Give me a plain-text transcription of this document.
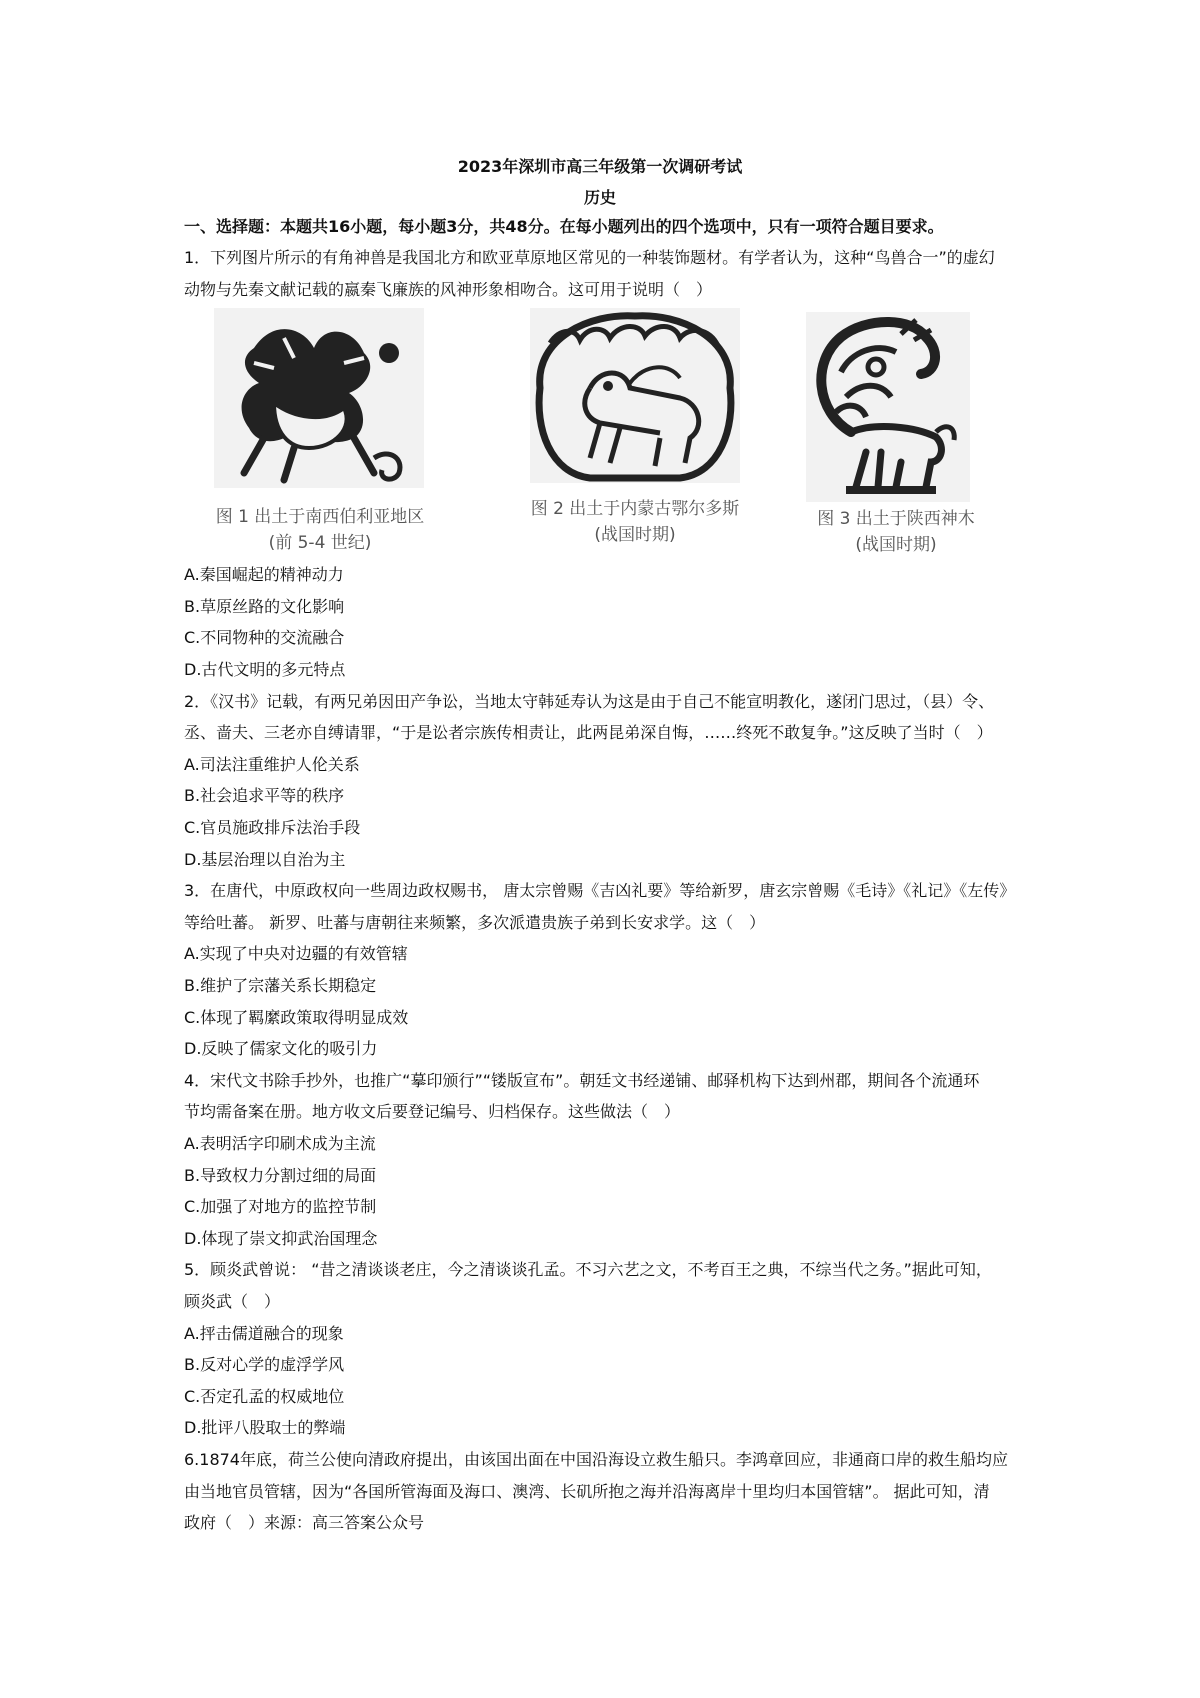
2023年深圳市高三年级第一次调研考试
历史
一、选择题：本题共16小题，每小题3分，共48分。在每小题列出的四个选项中，只有一项符合题目要求。
1．下列图片所示的有角神兽是我国北方和欧亚草原地区常见的一种装饰题材。有学者认为，这种“鸟兽合一”的虚幻
动物与先秦文献记载的嬴秦飞廉族的风神形象相吻合。这可用于说明（　）
图 1 出土于南西伯利亚地区
(前 5-4 世纪)
图 2 出土于内蒙古鄂尔多斯
(战国时期)
图 3 出土于陕西神木
(战国时期)
A.秦国崛起的精神动力
B.草原丝路的文化影响
C.不同物种的交流融合
D.古代文明的多元特点
2．《汉书》记载，有两兄弟因田产争讼，当地太守韩延寿认为这是由于自己不能宣明教化，遂闭门思过，（县）令、
丞、啬夫、三老亦自缚请罪，“于是讼者宗族传相责让，此两昆弟深自悔，……终死不敢复争。”这反映了当时（　）
A.司法注重维护人伦关系
B.社会追求平等的秩序
C.官员施政排斥法治手段
D.基层治理以自治为主
3．在唐代，中原政权向一些周边政权赐书， 唐太宗曾赐《吉凶礼要》等给新罗，唐玄宗曾赐《毛诗》《礼记》《左传》
等给吐蕃。 新罗、吐蕃与唐朝往来频繁，多次派遣贵族子弟到长安求学。这（　）
A.实现了中央对边疆的有效管辖
B.维护了宗藩关系长期稳定
C.体现了羁縻政策取得明显成效
D.反映了儒家文化的吸引力
4．宋代文书除手抄外，也推广“摹印颁行”“镂版宣布”。朝廷文书经递铺、邮驿机构下达到州郡，期间各个流通环
节均需备案在册。地方收文后要登记编号、归档保存。这些做法（　）
A.表明活字印刷术成为主流
B.导致权力分割过细的局面
C.加强了对地方的监控节制
D.体现了崇文抑武治国理念
5．顾炎武曾说： “昔之清谈谈老庄，今之清谈谈孔孟。不习六艺之文，不考百王之典，不综当代之务。”据此可知，
顾炎武（　）
A.抨击儒道融合的现象
B.反对心学的虚浮学风
C.否定孔孟的权威地位
D.批评八股取士的弊端
6.1874年底，荷兰公使向清政府提出，由该国出面在中国沿海设立救生船只。李鸿章回应，非通商口岸的救生船均应
由当地官员管辖，因为“各国所管海面及海口、澳湾、长矶所抱之海并沿海离岸十里均归本国管辖”。 据此可知，清
政府（　）来源：高三答案公众号
